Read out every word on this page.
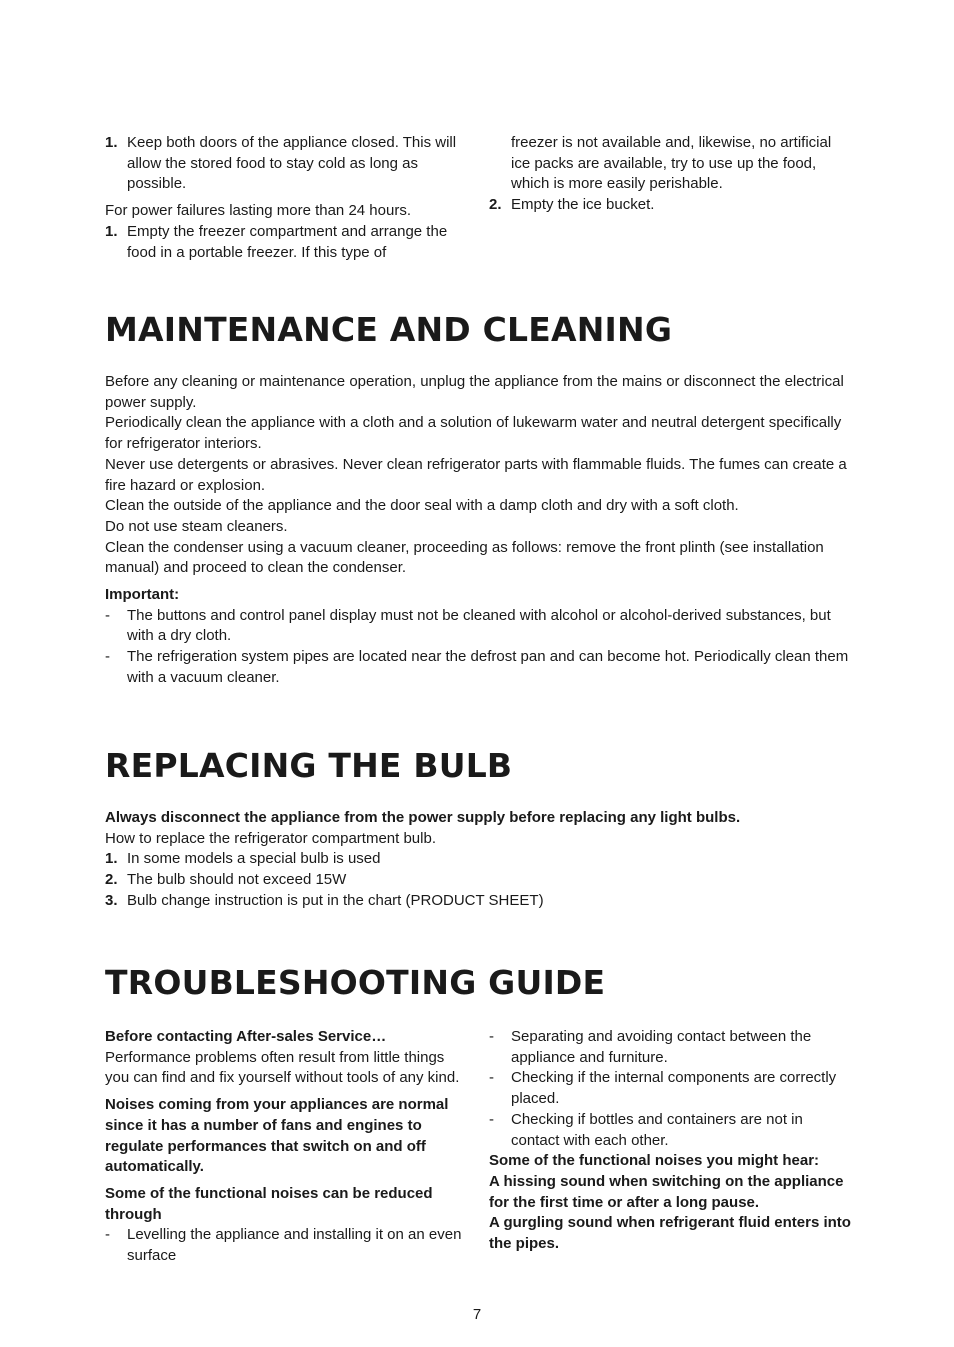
1. Keep both doors of the appliance closed. This will allow the stored food to stay cold as long as possible.

For power failures lasting more than 24 hours.

1. Empty the freezer compartment and arrange the food in a portable freezer. If this type of
freezer is not available and, likewise, no artificial ice packs are available, try to use up the food, which is more easily perishable.
2. Empty the ice bucket.
MAINTENANCE AND CLEANING

Before any cleaning or maintenance operation, unplug the appliance from the mains or disconnect the electrical power supply.

Periodically clean the appliance with a cloth and a solution of lukewarm water and neutral detergent specifically for refrigerator interiors.

Never use detergents or abrasives. Never clean refrigerator parts with flammable fluids. The fumes can create a fire hazard or explosion.

Clean the outside of the appliance and the door seal with a damp cloth and dry with a soft cloth.

Do not use steam cleaners.

Clean the condenser using a vacuum cleaner, proceeding as follows: remove the front plinth (see installation manual) and proceed to clean the condenser.

Important:

-	The buttons and control panel display must not be cleaned with alcohol or alcohol-derived substances, but with a dry cloth.
-	The refrigeration system pipes are located near the defrost pan and can become hot. Periodically clean them with a vacuum cleaner.
REPLACING THE BULB

Always disconnect the appliance from the power supply before replacing any light bulbs.

How to replace the refrigerator compartment bulb.

1. In some models a special bulb is used
2. The bulb should not exceed 15W
3. Bulb change instruction is put in the chart (PRODUCT SHEET)
TROUBLESHOOTING GUIDE

Before contacting After-sales Service…

Performance problems often result from little things you can find and fix yourself without tools of any kind.

Noises coming from your appliances are normal since it has a number of fans and engines to regulate performances that switch on and off automatically.

Some of the functional noises can be reduced through

-	Levelling the appliance and installing it on an even surface
-	Separating and avoiding contact between the appliance and furniture.
-	Checking if the internal components are correctly placed.
-	Checking if bottles and containers are not in contact with each other.

Some of the functional noises you might hear:

A hissing sound when switching on the appliance for the first time or after a long pause.

A gurgling sound when refrigerant fluid enters into the pipes.

7
